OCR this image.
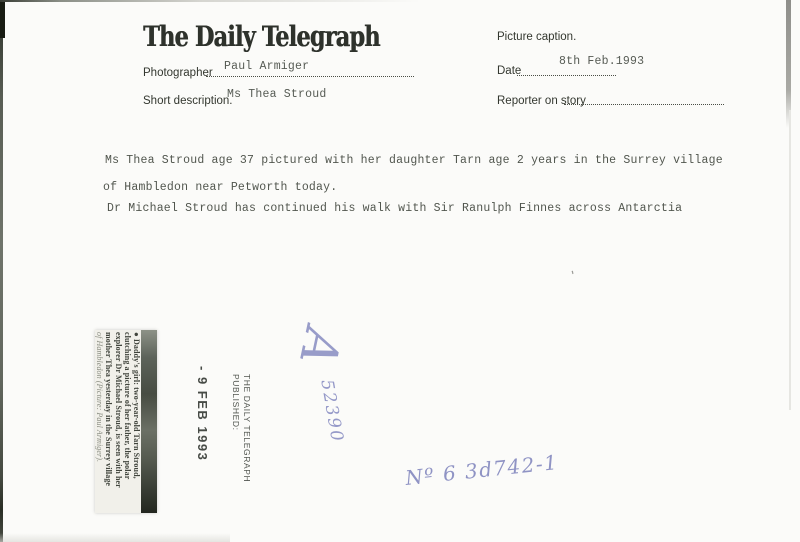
The Daily Telegraph
Photographer Paul Armiger
Short description.
Ms Thea Stroud
Picture caption.
Date
8th Feb.1993
Reporter on story
Ms Thea Stroud age 37 pictured with her daughter Tarn age 2 years in the Surrey village
of Hambledon near Petworth today.
Dr Michael Stroud has continued his walk with Sir Ranulph Finnes across Antarctia
● Daddy's girl: two-year-old Tarn Stroud,
clutching a picture of her father, the polar
explorer Dr Michael Stroud, is seen with her
mother Thea yesterday in the Surrey village
of Hambledon (Picture: Paul Armiger).	- 9 FEB 1993	THE DAILY TELEGRAPH
PUBLISHED:
A
52390
Nº 6 3d742-1
'
